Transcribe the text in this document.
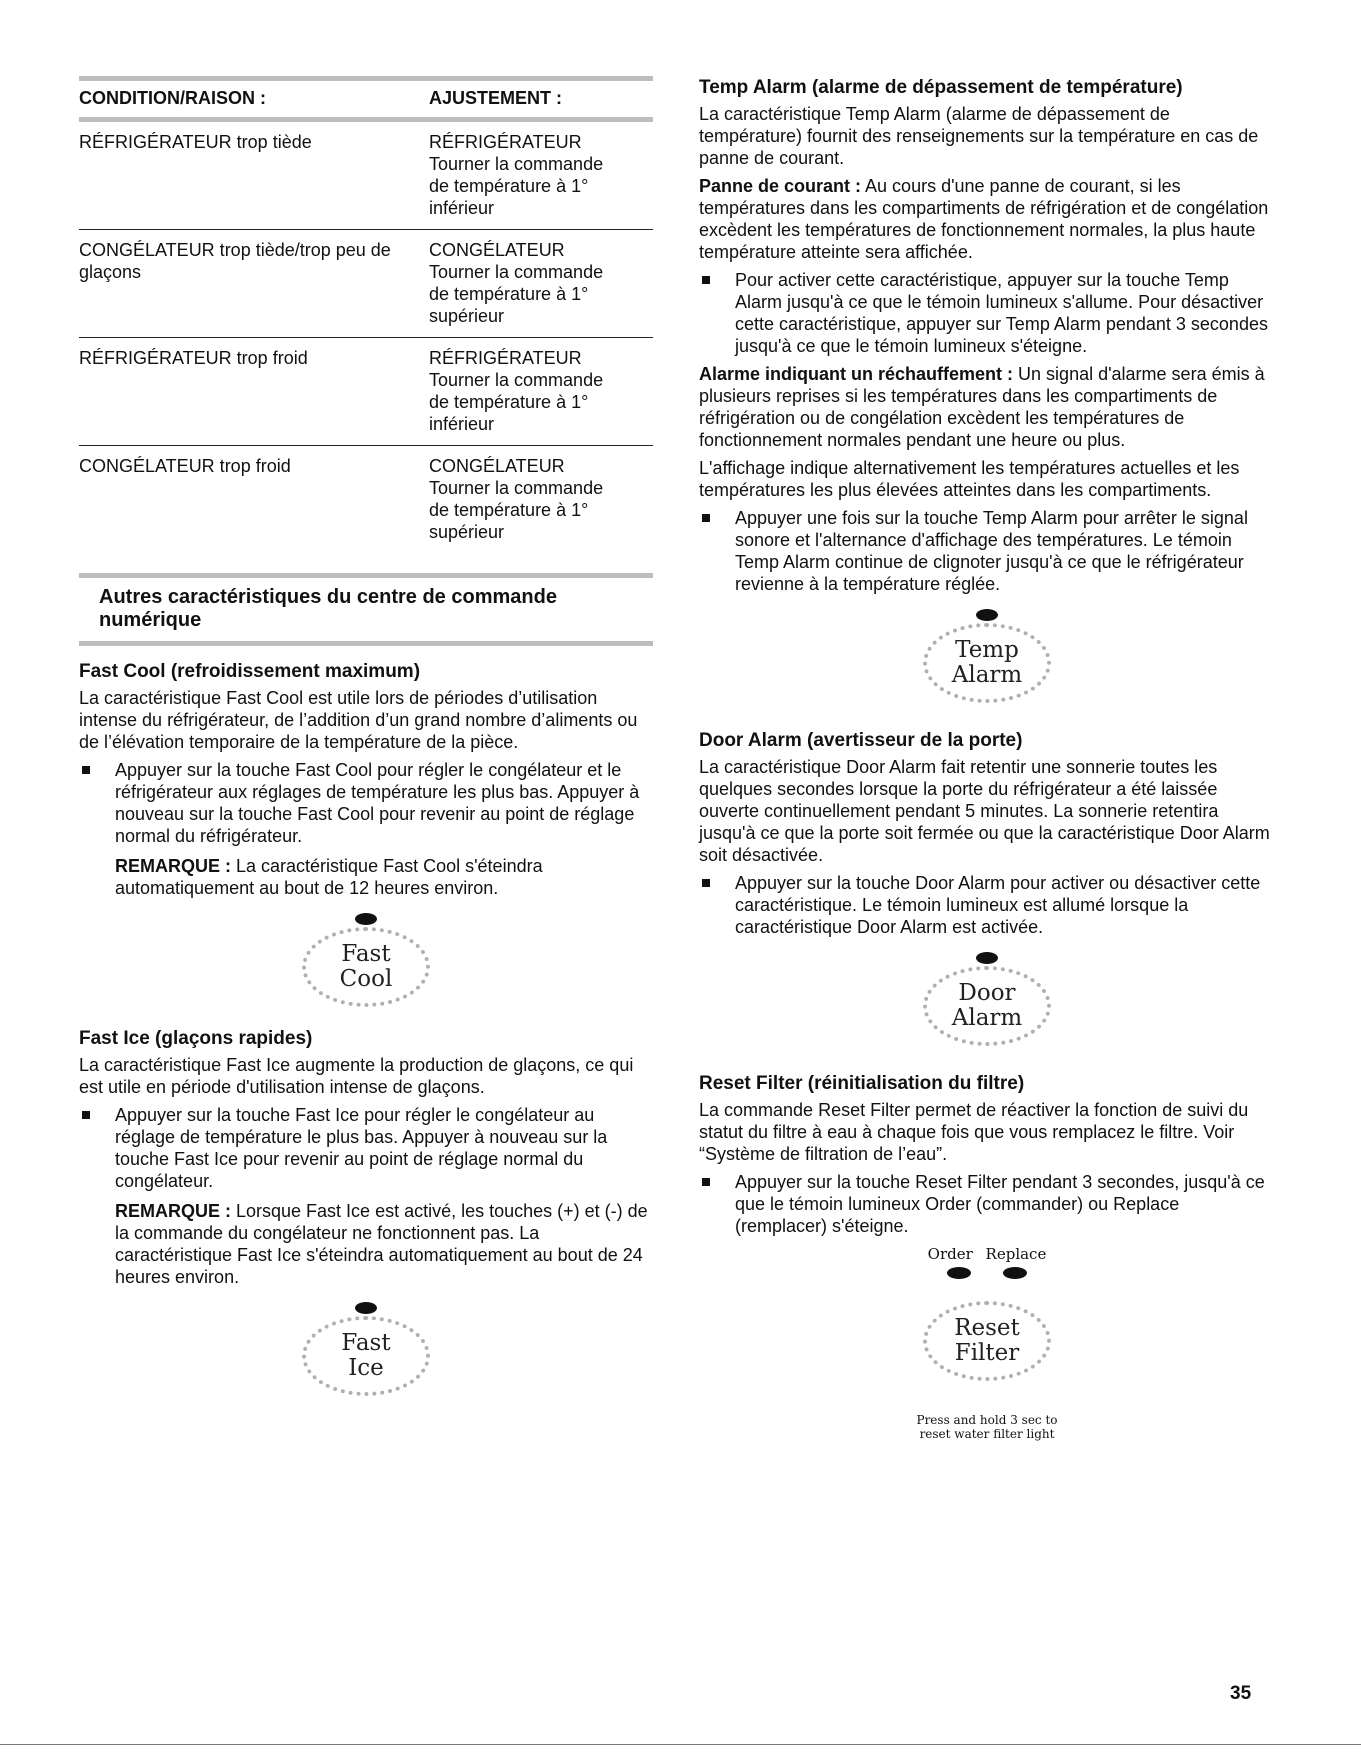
CONDITION/RAISON :	AJUSTEMENT :
RÉFRIGÉRATEUR trop tiède	RÉFRIGÉRATEUR
Tourner la commande
de température à 1°
inférieur
CONGÉLATEUR trop tiède/trop peu de glaçons	CONGÉLATEUR
Tourner la commande
de température à 1°
supérieur
RÉFRIGÉRATEUR trop froid	RÉFRIGÉRATEUR
Tourner la commande
de température à 1°
inférieur
CONGÉLATEUR trop froid	CONGÉLATEUR
Tourner la commande
de température à 1°
supérieur
Autres caractéristiques du centre de commande numérique
Fast Cool (refroidissement maximum)

La caractéristique Fast Cool est utile lors de périodes d’utilisation intense du réfrigérateur, de l’addition d’un grand nombre d’aliments ou de l’élévation temporaire de la température de la pièce.

Appuyer sur la touche Fast Cool pour régler le congélateur et le réfrigérateur aux réglages de température les plus bas. Appuyer à nouveau sur la touche Fast Cool pour revenir au point de réglage normal du réfrigérateur.
REMARQUE : La caractéristique Fast Cool s'éteindra automatiquement au bout de 12 heures environ.
Fast
Cool
Fast Ice (glaçons rapides)

La caractéristique Fast Ice augmente la production de glaçons, ce qui est utile en période d'utilisation intense de glaçons.

Appuyer sur la touche Fast Ice pour régler le congélateur au réglage de température le plus bas. Appuyer à nouveau sur la touche Fast Ice pour revenir au point de réglage normal du congélateur.
REMARQUE : Lorsque Fast Ice est activé, les touches (+) et (-) de la commande du congélateur ne fonctionnent pas. La caractéristique Fast Ice s'éteindra automatiquement au bout de 24 heures environ.
Fast
Ice
Temp Alarm (alarme de dépassement de température)

La caractéristique Temp Alarm (alarme de dépassement de température) fournit des renseignements sur la température en cas de panne de courant.

Panne de courant : Au cours d'une panne de courant, si les températures dans les compartiments de réfrigération et de congélation excèdent les températures de fonctionnement normales, la plus haute température atteinte sera affichée.

Pour activer cette caractéristique, appuyer sur la touche Temp Alarm jusqu'à ce que le témoin lumineux s'allume. Pour désactiver cette caractéristique, appuyer sur Temp Alarm pendant 3 secondes jusqu'à ce que le témoin lumineux s'éteigne.

Alarme indiquant un réchauffement : Un signal d'alarme sera émis à plusieurs reprises si les températures dans les compartiments de réfrigération ou de congélation excèdent les températures de fonctionnement normales pendant une heure ou plus.

L'affichage indique alternativement les températures actuelles et les températures les plus élevées atteintes dans les compartiments.

Appuyer une fois sur la touche Temp Alarm pour arrêter le signal sonore et l'alternance d'affichage des températures. Le témoin Temp Alarm continue de clignoter jusqu'à ce que le réfrigérateur revienne à la température réglée.
Temp
Alarm
Door Alarm (avertisseur de la porte)

La caractéristique Door Alarm fait retentir une sonnerie toutes les quelques secondes lorsque la porte du réfrigérateur a été laissée ouverte continuellement pendant 5 minutes. La sonnerie retentira jusqu'à ce que la porte soit fermée ou que la caractéristique Door Alarm soit désactivée.

Appuyer sur la touche Door Alarm pour activer ou désactiver cette caractéristique. Le témoin lumineux est allumé lorsque la caractéristique Door Alarm est activée.
Door
Alarm
Reset Filter (réinitialisation du filtre)

La commande Reset Filter permet de réactiver la fonction de suivi du statut du filtre à eau à chaque fois que vous remplacez le filtre. Voir “Système de filtration de l’eau”.

Appuyer sur la touche Reset Filter pendant 3 secondes, jusqu'à ce que le témoin lumineux Order (commander) ou Replace (remplacer) s'éteigne.
Order Replace
Reset
Filter
Press and hold 3 sec to
reset water filter light
35
